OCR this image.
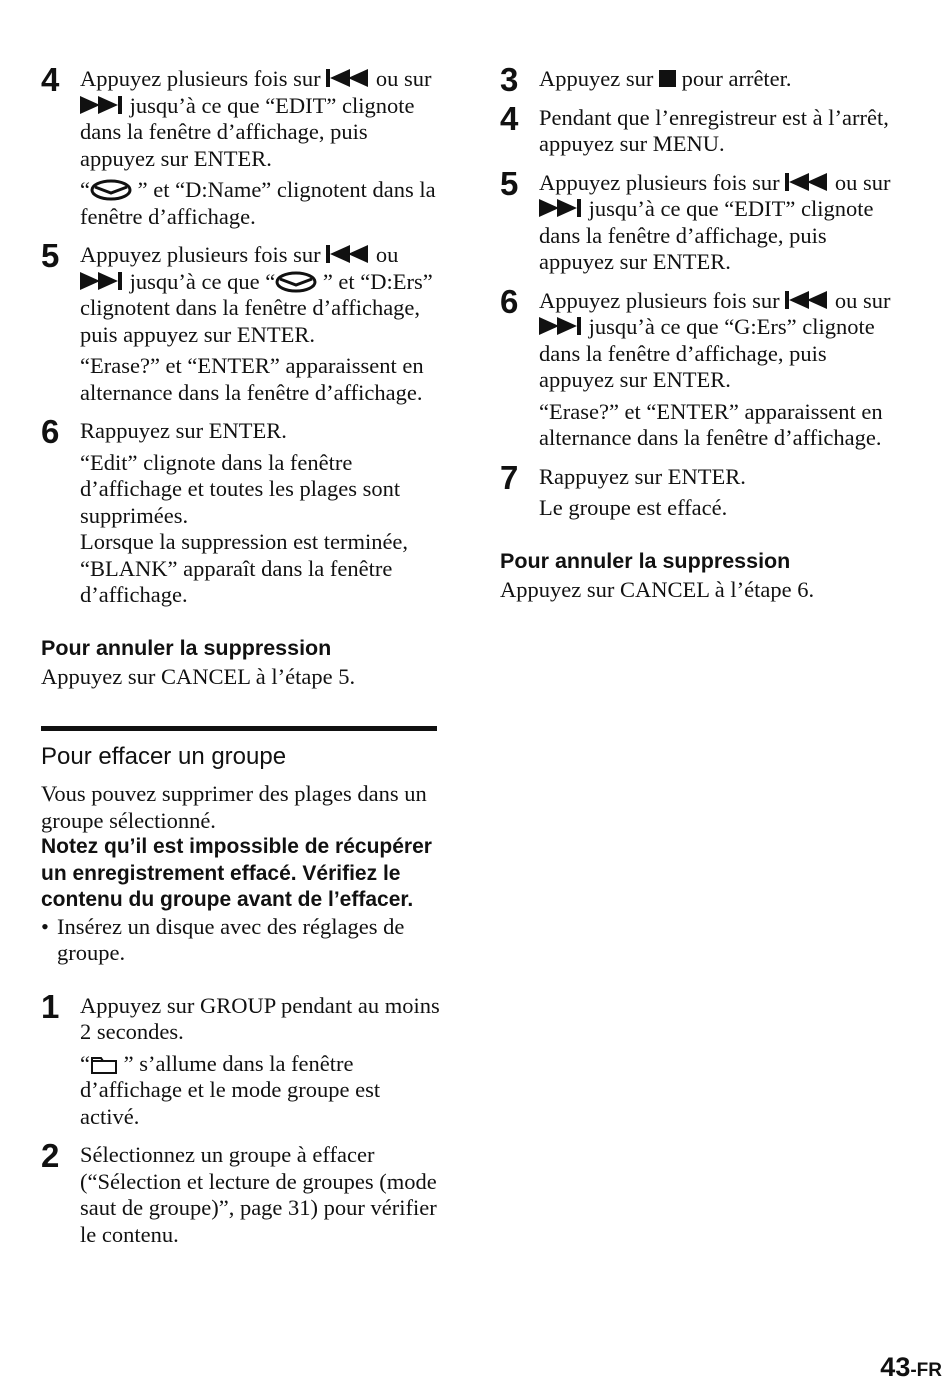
4 Appuyez plusieurs fois sur
ou sur
jusqu’à ce que “EDIT” clignote dans la fenêtre d’affichage, puis appuyez sur ENTER.

“
” et “D:Name” clignotent dans la fenêtre d’affichage.

5 Appuyez plusieurs fois sur
ou
jusqu’à ce que “
” et “D:Ers” clignotent dans la fenêtre d’affichage, puis appuyez sur ENTER.

“Erase?” et “ENTER” apparaissent en alternance dans la fenêtre d’affichage.

6 Rappuyez sur ENTER.

“Edit” clignote dans la fenêtre d’affichage et toutes les plages sont supprimées.
Lorsque la suppression est terminée, “BLANK” apparaît dans la fenêtre d’affichage.

Pour annuler la suppression

Appuyez sur CANCEL à l’étape 5.

Pour effacer un groupe

Vous pouvez supprimer des plages dans un groupe sélectionné.

Notez qu’il est impossible de récupérer un enregistrement effacé. Vérifiez le contenu du groupe avant de l’effacer.

• Insérez un disque avec des réglages de groupe.
1 Appuyez sur GROUP pendant au moins 2 secondes.

“
” s’allume dans la fenêtre d’affichage et le mode groupe est activé.

2 Sélectionnez un groupe à effacer (“Sélection et lecture de groupes (mode saut de groupe)”, page 31) pour vérifier le contenu.

3 Appuyez sur
pour arrêter.

4 Pendant que l’enregistreur est à l’arrêt, appuyez sur MENU.

5 Appuyez plusieurs fois sur
ou sur
jusqu’à ce que “EDIT” clignote dans la fenêtre d’affichage, puis appuyez sur ENTER.

6 Appuyez plusieurs fois sur
ou sur
jusqu’à ce que “G:Ers” clignote dans la fenêtre d’affichage, puis appuyez sur ENTER.

“Erase?” et “ENTER” apparaissent en alternance dans la fenêtre d’affichage.

7 Rappuyez sur ENTER.

Le groupe est effacé.

Pour annuler la suppression

Appuyez sur CANCEL à l’étape 6.

43-FR
